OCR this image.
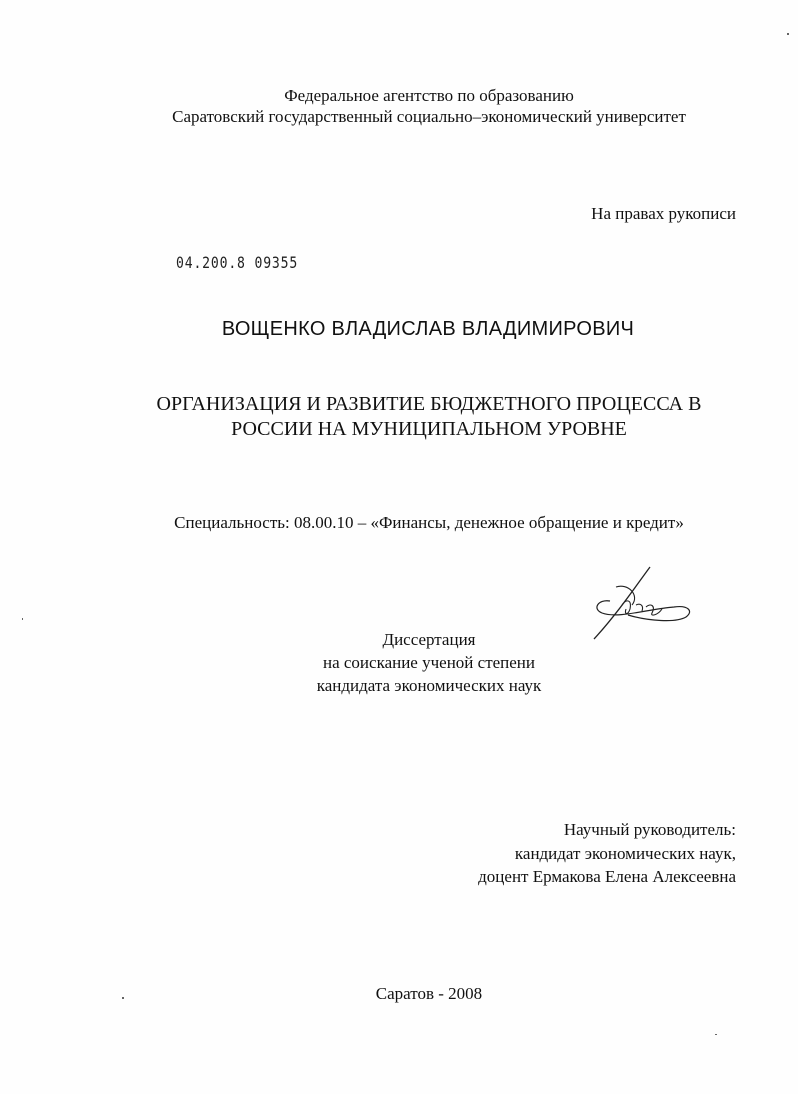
Федеральное агентство по образованию
Саратовский государственный социально–экономический университет
На правах рукописи
04.200.8 09355
ВОЩЕНКО ВЛАДИСЛАВ ВЛАДИМИРОВИЧ
ОРГАНИЗАЦИЯ И РАЗВИТИЕ БЮДЖЕТНОГО ПРОЦЕССА В
РОССИИ НА МУНИЦИПАЛЬНОМ УРОВНЕ
Специальность: 08.00.10 – «Финансы, денежное обращение и кредит»
Диссертация
на соискание ученой степени
кандидата экономических наук
Научный руководитель:
кандидат экономических наук,
доцент Ермакова Елена Алексеевна
Саратов - 2008
